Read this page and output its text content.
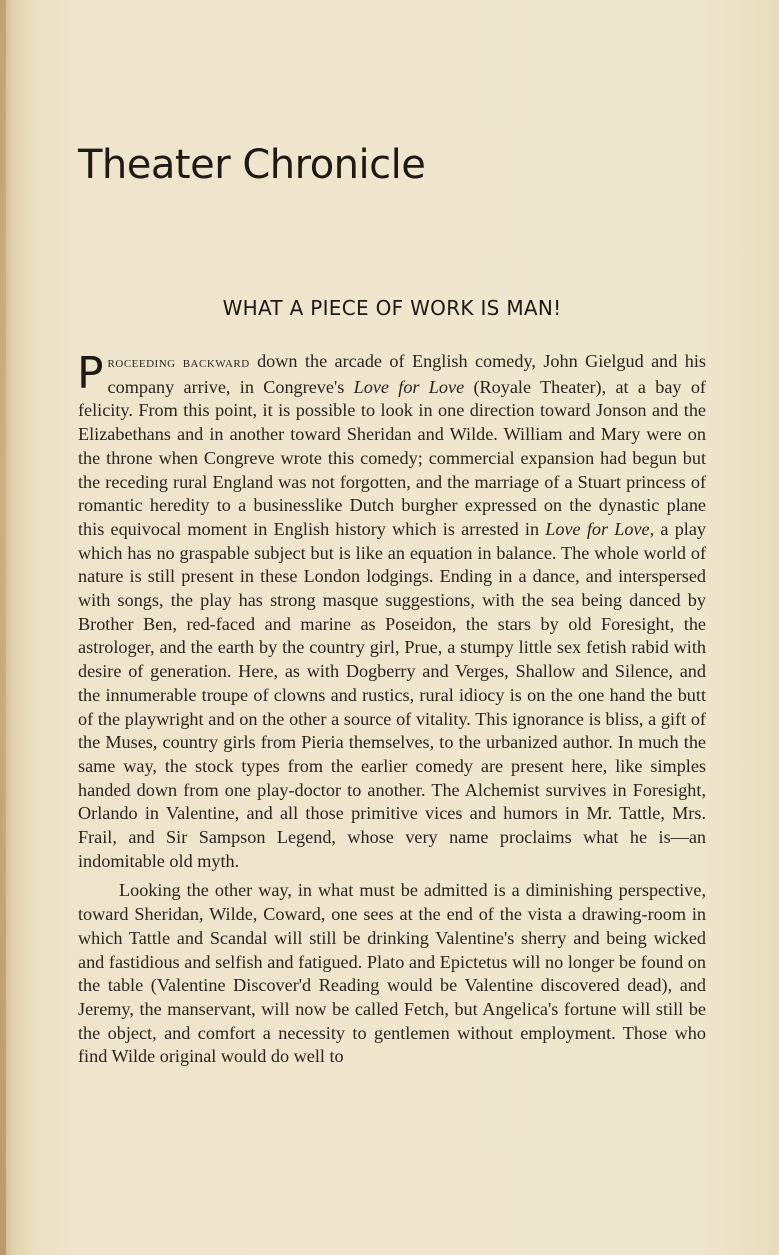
Theater Chronicle
WHAT A PIECE OF WORK IS MAN!

Proceeding backward down the arcade of English comedy, John Gielgud and his company arrive, in Congreve's Love for Love (Royale Theater), at a bay of felicity. From this point, it is possible to look in one direction toward Jonson and the Elizabethans and in another toward Sheridan and Wilde. William and Mary were on the throne when Congreve wrote this comedy; commercial expansion had begun but the receding rural England was not forgotten, and the marriage of a Stuart princess of romantic heredity to a businesslike Dutch burgher expressed on the dynastic plane this equivocal moment in English history which is arrested in Love for Love, a play which has no graspable subject but is like an equation in balance. The whole world of nature is still present in these London lodgings. Ending in a dance, and interspersed with songs, the play has strong masque suggestions, with the sea being danced by Brother Ben, red-faced and marine as Poseidon, the stars by old Foresight, the astrologer, and the earth by the country girl, Prue, a stumpy little sex fetish rabid with desire of generation. Here, as with Dogberry and Verges, Shallow and Silence, and the innumerable troupe of clowns and rustics, rural idiocy is on the one hand the butt of the playwright and on the other a source of vitality. This ignorance is bliss, a gift of the Muses, country girls from Pieria themselves, to the urbanized author. In much the same way, the stock types from the earlier comedy are present here, like simples handed down from one play-doctor to another. The Alchemist survives in Foresight, Orlando in Valentine, and all those primitive vices and humors in Mr. Tattle, Mrs. Frail, and Sir Sampson Legend, whose very name proclaims what he is—an indomitable old myth.

Looking the other way, in what must be admitted is a diminishing perspective, toward Sheridan, Wilde, Coward, one sees at the end of the vista a drawing-room in which Tattle and Scandal will still be drinking Valentine's sherry and being wicked and fastidious and selfish and fatigued. Plato and Epictetus will no longer be found on the table (Valentine Discover'd Reading would be Valentine discovered dead), and Jeremy, the manservant, will now be called Fetch, but Angelica's fortune will still be the object, and comfort a necessity to gentlemen without employment. Those who find Wilde original would do well to
